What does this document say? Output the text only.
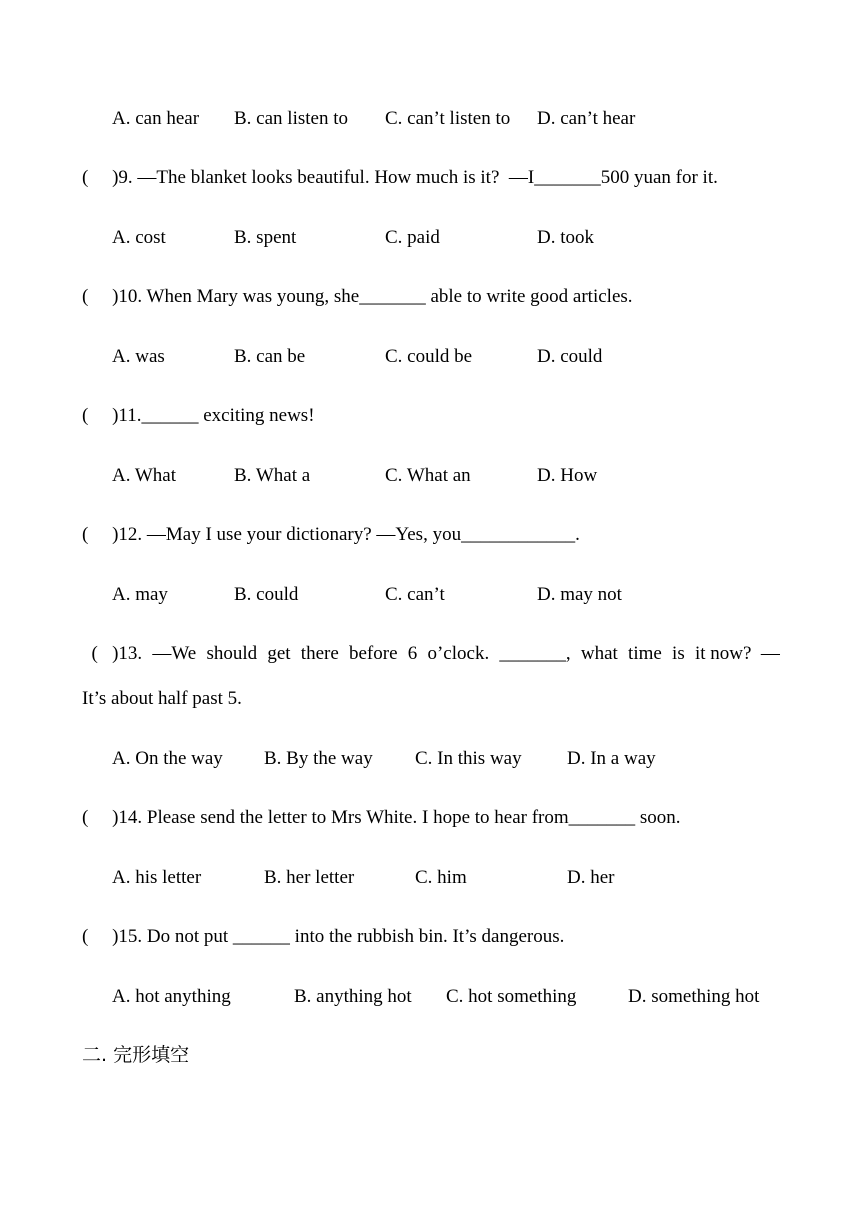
A. can hear B. can listen to C. can’t listen to D. can’t hear
(     )9. —The blanket looks beautiful. How much is it?  —I_______500 yuan for it.
A. cost	B. spent	C. paid	D. took
(     )10. When Mary was young, she_______ able to write good articles.
A. was	B. can be	C. could be	D. could
(     )11.______ exciting news!
A. What	B. What a	C. What an	D. How
(     )12. —May I use your dictionary? —Yes, you____________.
A. may	B. could	C. can’t	D. may not
(   )13. —We should get there before 6 o’clock. _______, what time is it now?  —
It’s about half past 5.
A. On the way B. By the way C. In this way D. In a way
(     )14. Please send the letter to Mrs White. I hope to hear from_______ soon.
A. his letter	B. her letter	C. him	D. her
(     )15. Do not put ______ into the rubbish bin. It’s dangerous.
A. hot anything	B. anything hot C. hot something	D. something hot
二. 完形填空
